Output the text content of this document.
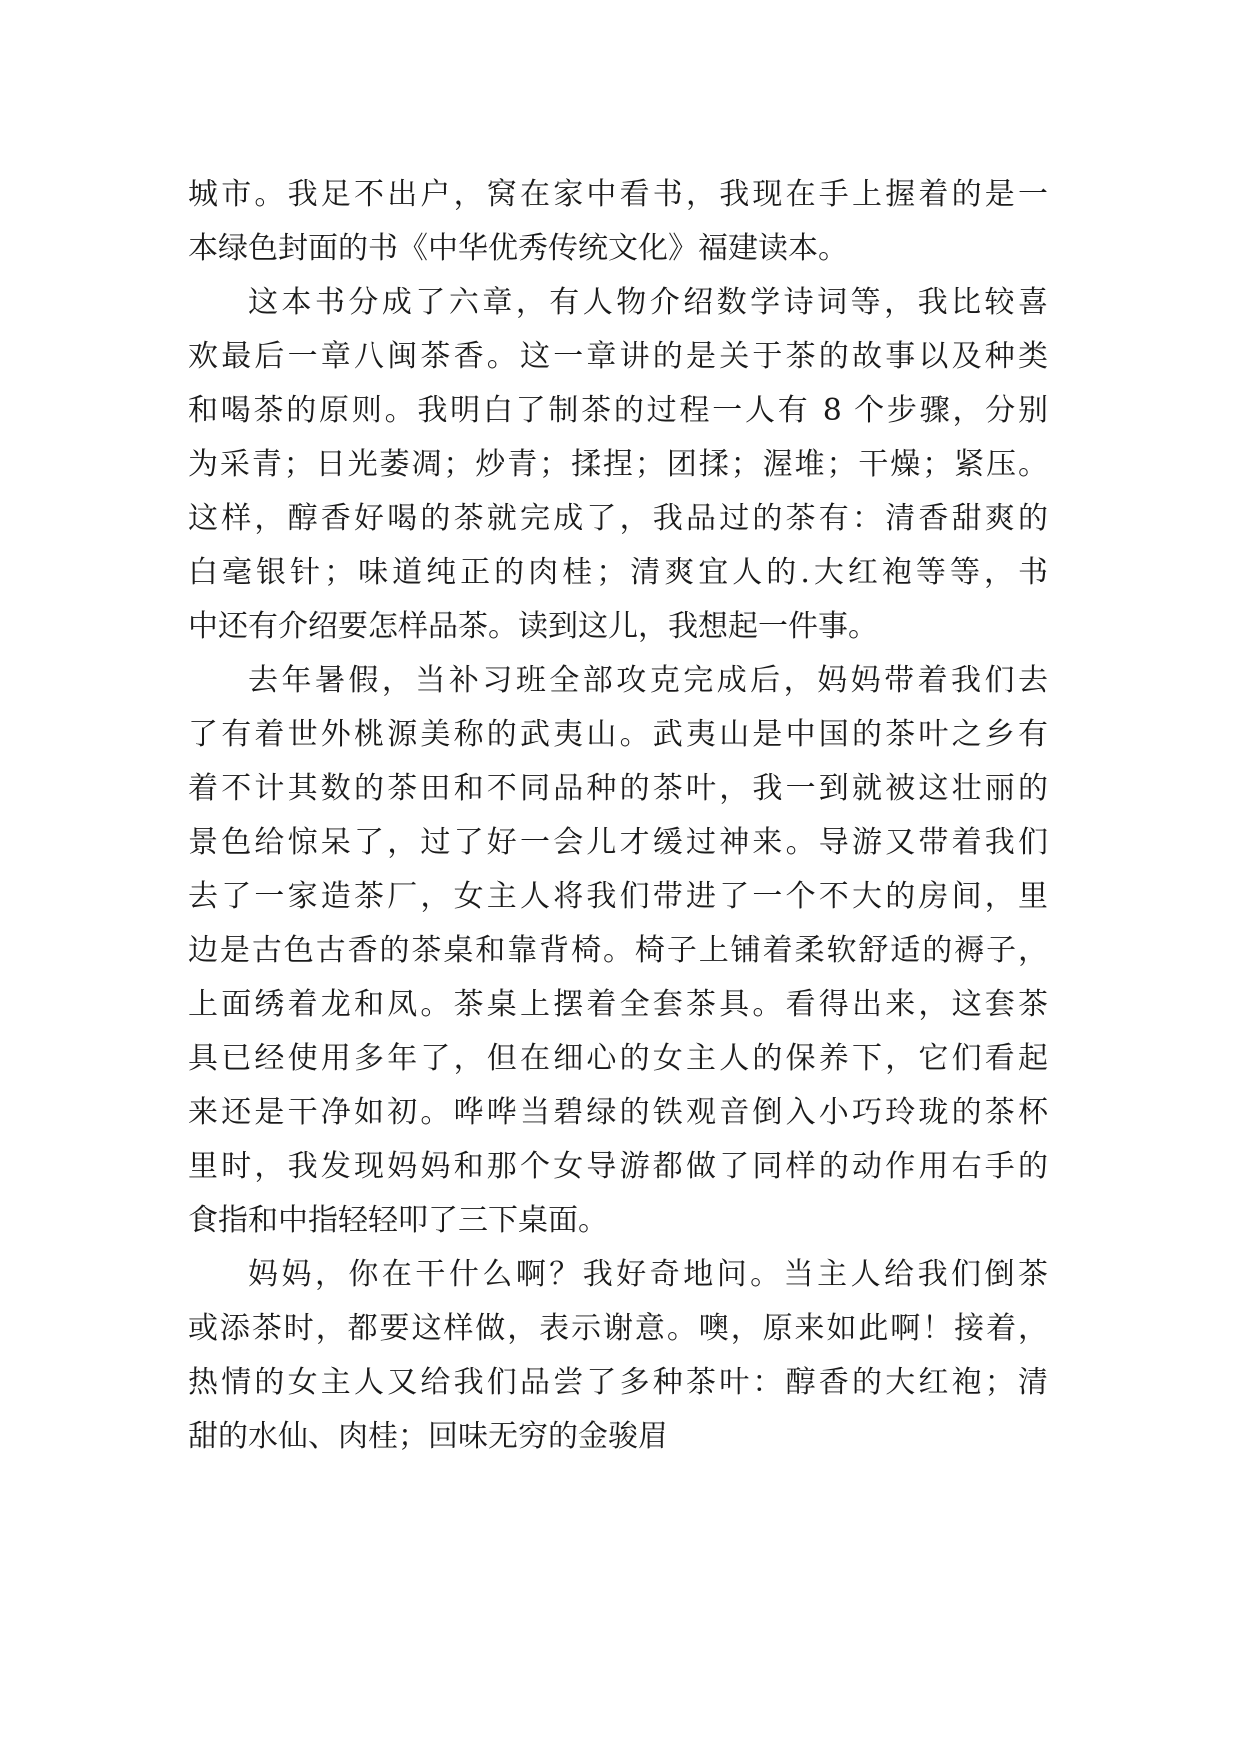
城市。我足不出户，窝在家中看书，我现在手上握着的是一
本绿色封面的书《中华优秀传统文化》福建读本。
这本书分成了六章，有人物介绍数学诗词等，我比较喜
欢最后一章八闽茶香。这一章讲的是关于茶的故事以及种类
和喝茶的原则。我明白了制茶的过程一人有 8 个步骤，分别
为采青；日光萎凋；炒青；揉捏；团揉；渥堆；干燥；紧压。
这样，醇香好喝的茶就完成了，我品过的茶有：清香甜爽的
白毫银针；味道纯正的肉桂；清爽宜人的.大红袍等等，书
中还有介绍要怎样品茶。读到这儿，我想起一件事。
去年暑假，当补习班全部攻克完成后，妈妈带着我们去
了有着世外桃源美称的武夷山。武夷山是中国的茶叶之乡有
着不计其数的茶田和不同品种的茶叶，我一到就被这壮丽的
景色给惊呆了，过了好一会儿才缓过神来。导游又带着我们
去了一家造茶厂，女主人将我们带进了一个不大的房间，里
边是古色古香的茶桌和靠背椅。椅子上铺着柔软舒适的褥子，
上面绣着龙和凤。茶桌上摆着全套茶具。看得出来，这套茶
具已经使用多年了，但在细心的女主人的保养下，它们看起
来还是干净如初。哗哗当碧绿的铁观音倒入小巧玲珑的茶杯
里时，我发现妈妈和那个女导游都做了同样的动作用右手的
食指和中指轻轻叩了三下桌面。
妈妈，你在干什么啊？我好奇地问。当主人给我们倒茶
或添茶时，都要这样做，表示谢意。噢，原来如此啊！接着，
热情的女主人又给我们品尝了多种茶叶：醇香的大红袍；清
甜的水仙、肉桂；回味无穷的金骏眉
